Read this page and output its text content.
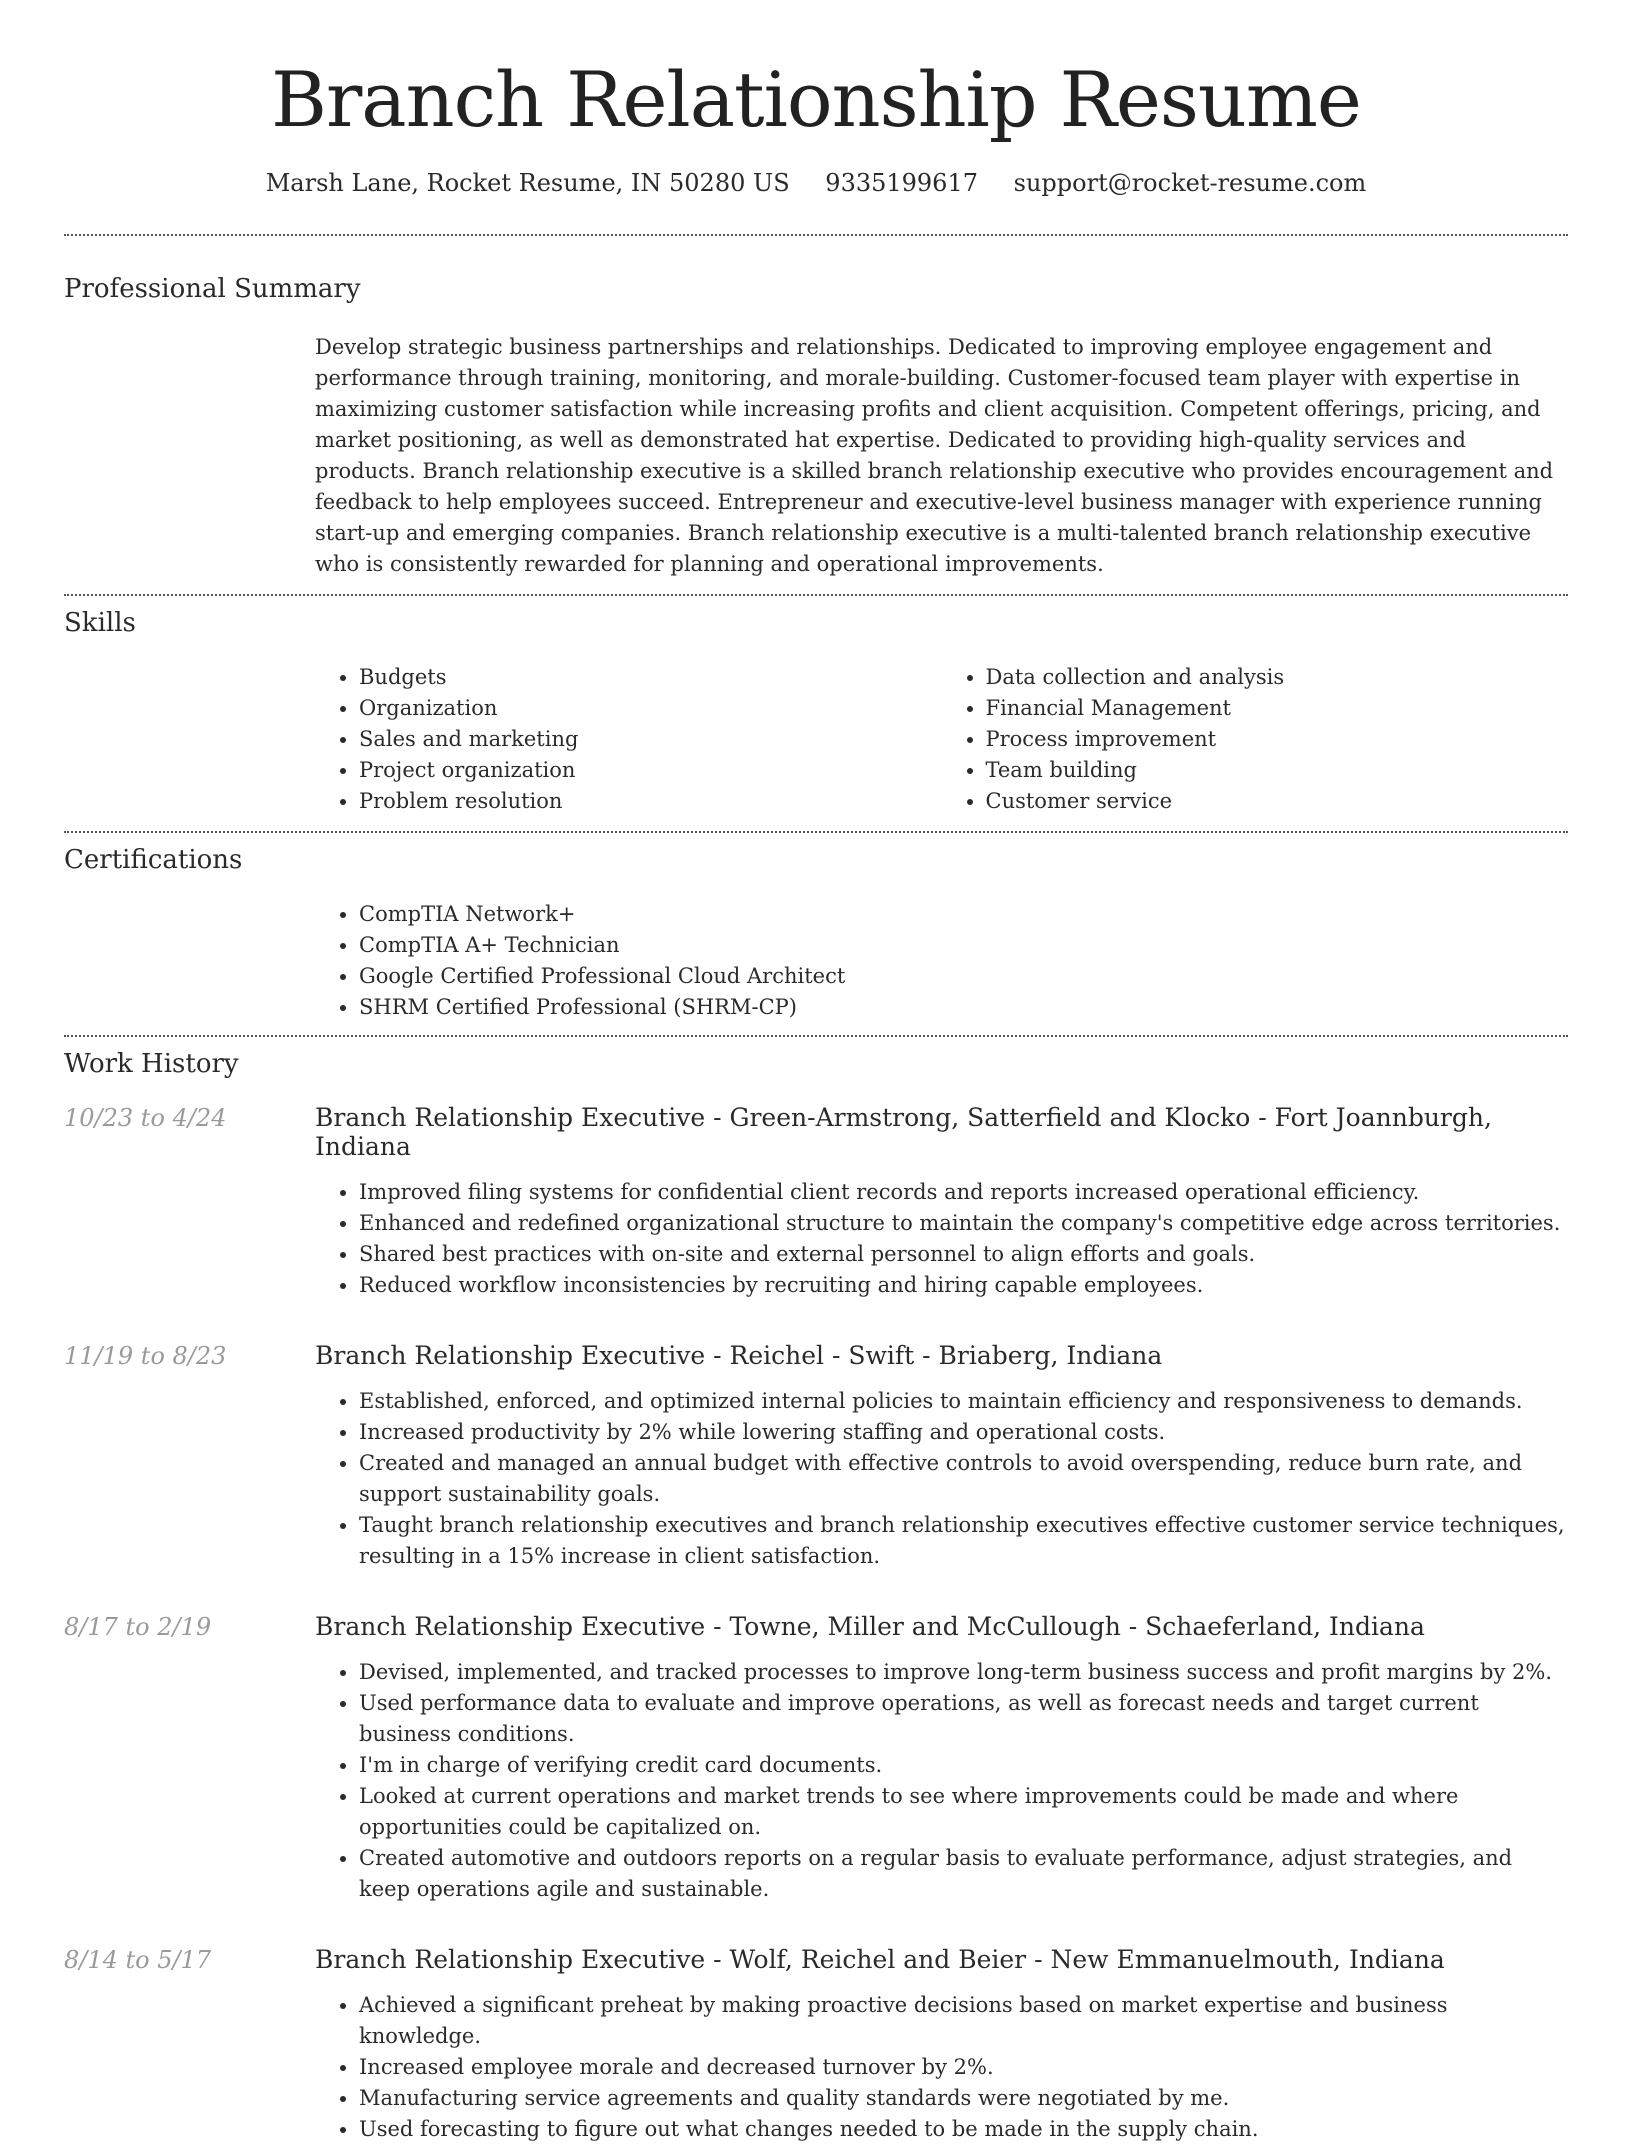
Branch Relationship Resume
Marsh Lane, Rocket Resume, IN 50280 US 9335199617 support@rocket-resume.com
Professional Summary

Develop strategic business partnerships and relationships. Dedicated to improving employee engagement and performance through training, monitoring, and morale-building. Customer-focused team player with expertise in maximizing customer satisfaction while increasing profits and client acquisition. Competent offerings, pricing, and market positioning, as well as demonstrated hat expertise. Dedicated to providing high-quality services and products. Branch relationship executive is a skilled branch relationship executive who provides encouragement and feedback to help employees succeed. Entrepreneur and executive-level business manager with experience running start-up and emerging companies. Branch relationship executive is a multi-talented branch relationship executive who is consistently rewarded for planning and operational improvements.

Skills
• Budgets
• Organization
• Sales and marketing
• Project organization
• Problem resolution
• Data collection and analysis
• Financial Management
• Process improvement
• Team building
• Customer service
Certifications
• CompTIA Network+
• CompTIA A+ Technician
• Google Certified Professional Cloud Architect
• SHRM Certified Professional (SHRM-CP)
Work History
10/23 to 4/24	Branch Relationship Executive - Green-Armstrong, Satterfield and Klocko - Fort Joannburgh, Indiana
• Improved filing systems for confidential client records and reports increased operational efficiency.
• Enhanced and redefined organizational structure to maintain the company's competitive edge across territories.
• Shared best practices with on-site and external personnel to align efforts and goals.
• Reduced workflow inconsistencies by recruiting and hiring capable employees.
11/19 to 8/23	Branch Relationship Executive - Reichel - Swift - Briaberg, Indiana
• Established, enforced, and optimized internal policies to maintain efficiency and responsiveness to demands.
• Increased productivity by 2% while lowering staffing and operational costs.
• Created and managed an annual budget with effective controls to avoid overspending, reduce burn rate, and support sustainability goals.
• Taught branch relationship executives and branch relationship executives effective customer service techniques, resulting in a 15% increase in client satisfaction.
8/17 to 2/19	Branch Relationship Executive - Towne, Miller and McCullough - Schaeferland, Indiana
• Devised, implemented, and tracked processes to improve long-term business success and profit margins by 2%.
• Used performance data to evaluate and improve operations, as well as forecast needs and target current business conditions.
• I'm in charge of verifying credit card documents.
• Looked at current operations and market trends to see where improvements could be made and where opportunities could be capitalized on.
• Created automotive and outdoors reports on a regular basis to evaluate performance, adjust strategies, and keep operations agile and sustainable.
8/14 to 5/17	Branch Relationship Executive - Wolf, Reichel and Beier - New Emmanuelmouth, Indiana
• Achieved a significant preheat by making proactive decisions based on market expertise and business knowledge.
• Increased employee morale and decreased turnover by 2%.
• Manufacturing service agreements and quality standards were negotiated by me.
• Used forecasting to figure out what changes needed to be made in the supply chain.
